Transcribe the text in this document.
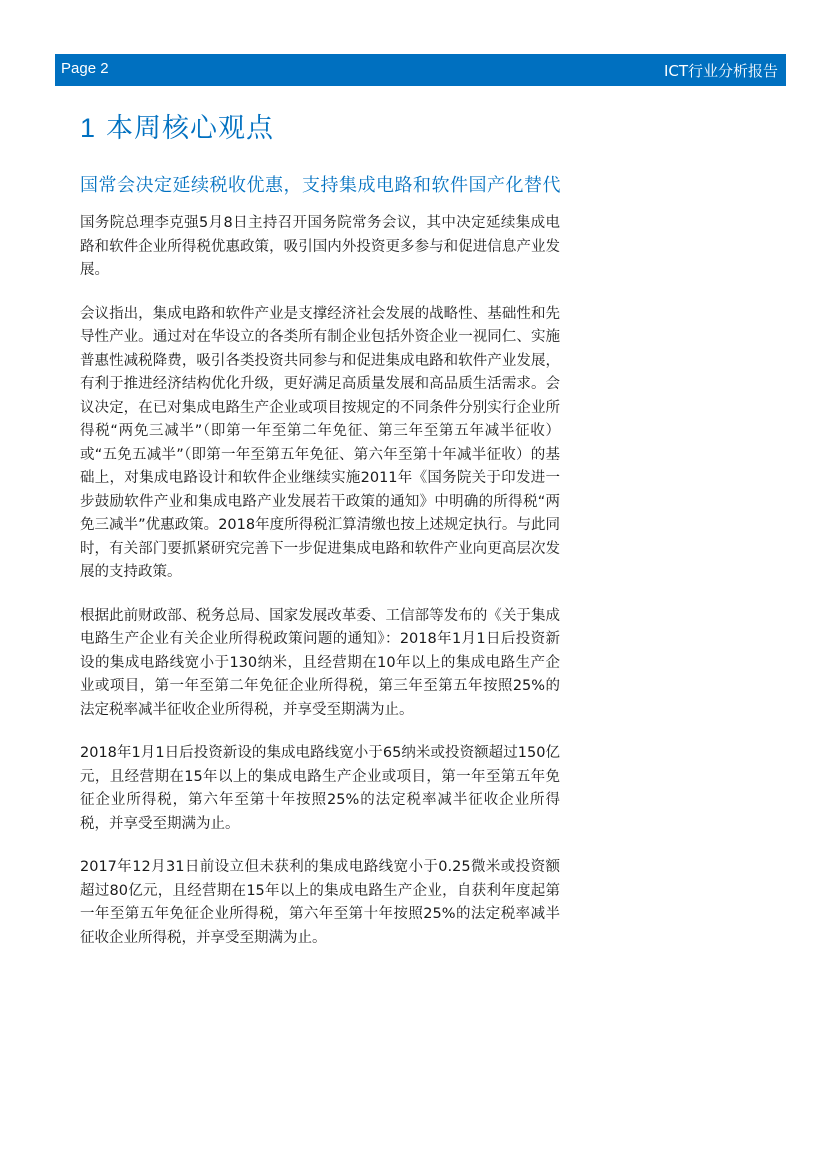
Page 2	ICT行业分析报告
1 本周核心观点
国常会决定延续税收优惠，支持集成电路和软件国产化替代

国务院总理李克强5月8日主持召开国务院常务会议，其中决定延续集成电路和软件企业所得税优惠政策，吸引国内外投资更多参与和促进信息产业发展。

会议指出，集成电路和软件产业是支撑经济社会发展的战略性、基础性和先导性产业。通过对在华设立的各类所有制企业包括外资企业一视同仁、实施普惠性减税降费，吸引各类投资共同参与和促进集成电路和软件产业发展，有利于推进经济结构优化升级，更好满足高质量发展和高品质生活需求。会议决定，在已对集成电路生产企业或项目按规定的不同条件分别实行企业所得税“两免三减半”（即第一年至第二年免征、第三年至第五年减半征收）或“五免五减半”（即第一年至第五年免征、第六年至第十年减半征收）的基础上，对集成电路设计和软件企业继续实施2011年《国务院关于印发进一步鼓励软件产业和集成电路产业发展若干政策的通知》中明确的所得税“两免三减半”优惠政策。2018年度所得税汇算清缴也按上述规定执行。与此同时，有关部门要抓紧研究完善下一步促进集成电路和软件产业向更高层次发展的支持政策。

根据此前财政部、税务总局、国家发展改革委、工信部等发布的《关于集成电路生产企业有关企业所得税政策问题的通知》：2018年1月1日后投资新设的集成电路线宽小于130纳米，且经营期在10年以上的集成电路生产企业或项目，第一年至第二年免征企业所得税，第三年至第五年按照25%的法定税率减半征收企业所得税，并享受至期满为止。

2018年1月1日后投资新设的集成电路线宽小于65纳米或投资额超过150亿元，且经营期在15年以上的集成电路生产企业或项目，第一年至第五年免征企业所得税，第六年至第十年按照25%的法定税率减半征收企业所得税，并享受至期满为止。

2017年12月31日前设立但未获利的集成电路线宽小于0.25微米或投资额超过80亿元，且经营期在15年以上的集成电路生产企业，自获利年度起第一年至第五年免征企业所得税，第六年至第十年按照25%的法定税率减半征收企业所得税，并享受至期满为止。
